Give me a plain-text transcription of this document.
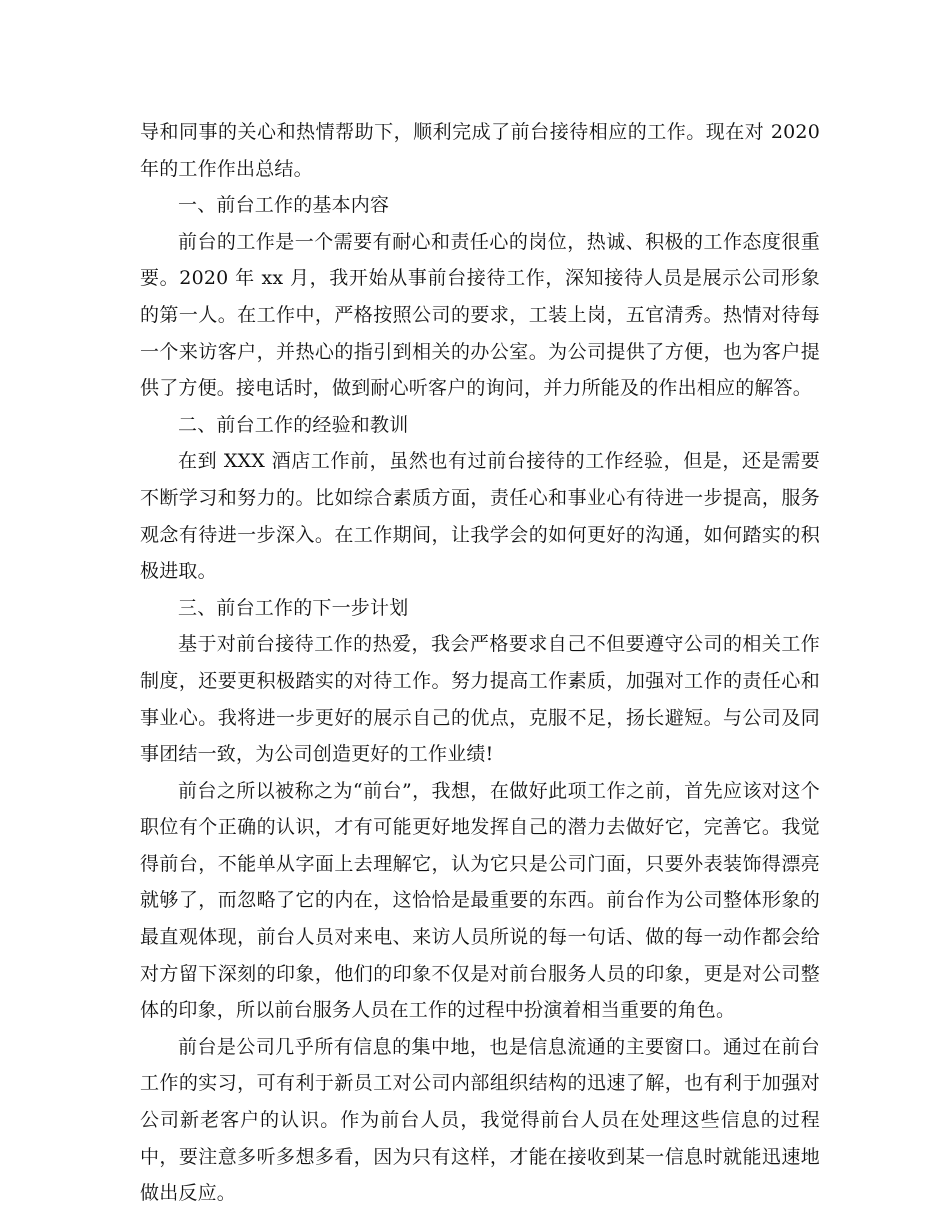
导和同事的关心和热情帮助下，顺利完成了前台接待相应的工作。现在对 2020 年的工作作出总结。

一、前台工作的基本内容

前台的工作是一个需要有耐心和责任心的岗位，热诚、积极的工作态度很重要。2020 年 xx 月，我开始从事前台接待工作，深知接待人员是展示公司形象的第一人。在工作中，严格按照公司的要求，工装上岗，五官清秀。热情对待每一个来访客户，并热心的指引到相关的办公室。为公司提供了方便，也为客户提供了方便。接电话时，做到耐心听客户的询问，并力所能及的作出相应的解答。

二、前台工作的经验和教训

在到 XXX 酒店工作前，虽然也有过前台接待的工作经验，但是，还是需要不断学习和努力的。比如综合素质方面，责任心和事业心有待进一步提高，服务观念有待进一步深入。在工作期间，让我学会的如何更好的沟通，如何踏实的积极进取。

三、前台工作的下一步计划

基于对前台接待工作的热爱，我会严格要求自己不但要遵守公司的相关工作制度，还要更积极踏实的对待工作。努力提高工作素质，加强对工作的责任心和事业心。我将进一步更好的展示自己的优点，克服不足，扬长避短。与公司及同事团结一致，为公司创造更好的工作业绩!

前台之所以被称之为“前台”，我想，在做好此项工作之前，首先应该对这个职位有个正确的认识，才有可能更好地发挥自己的潜力去做好它，完善它。我觉得前台，不能单从字面上去理解它，认为它只是公司门面，只要外表装饰得漂亮就够了，而忽略了它的内在，这恰恰是最重要的东西。前台作为公司整体形象的最直观体现，前台人员对来电、来访人员所说的每一句话、做的每一动作都会给对方留下深刻的印象，他们的印象不仅是对前台服务人员的印象，更是对公司整体的印象，所以前台服务人员在工作的过程中扮演着相当重要的角色。

前台是公司几乎所有信息的集中地，也是信息流通的主要窗口。通过在前台工作的实习，可有利于新员工对公司内部组织结构的迅速了解，也有利于加强对公司新老客户的认识。作为前台人员，我觉得前台人员在处理这些信息的过程中，要注意多听多想多看，因为只有这样，才能在接收到某一信息时就能迅速地做出反应。
